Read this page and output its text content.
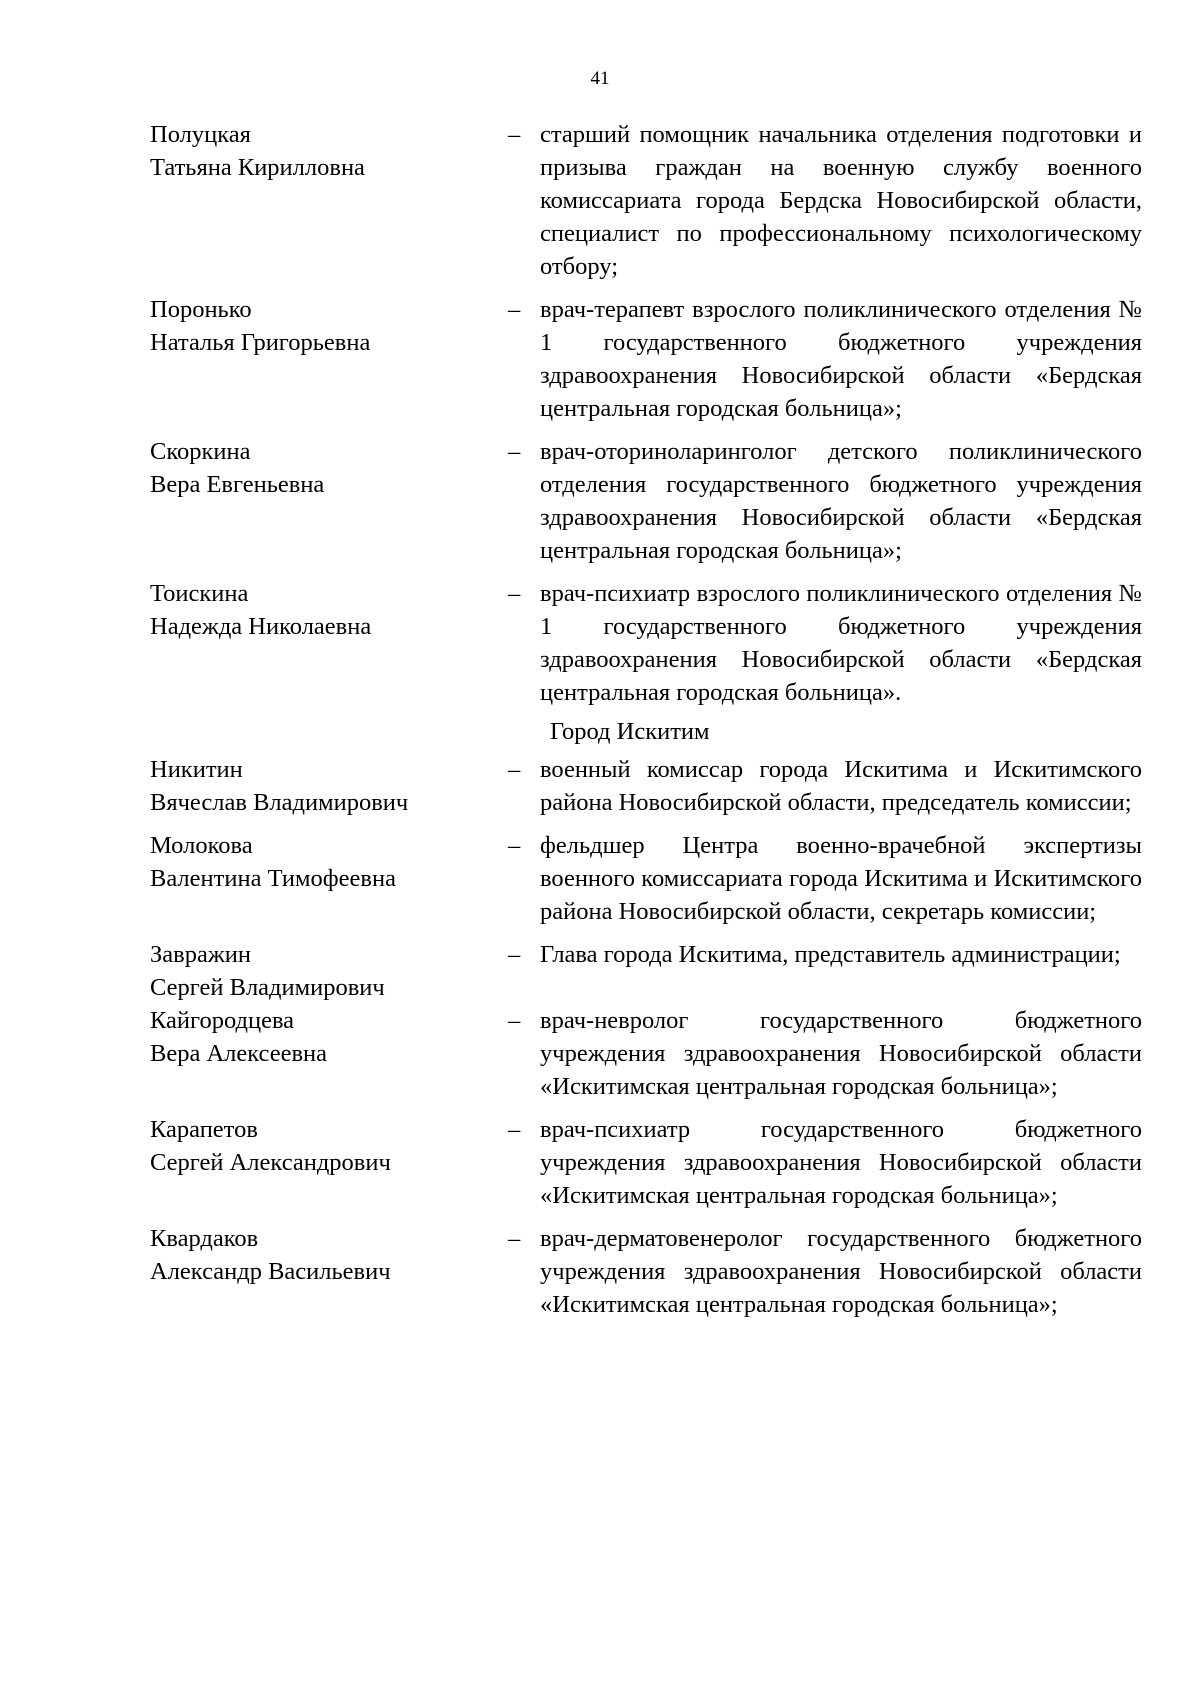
41
Полуцкая
Татьяна Кирилловна
– старший помощник начальника отделения подготовки и призыва граждан на военную службу военного комиссариата города Бердска Новосибирской области, специалист по профессиональному психологическому отбору;
Поронько
Наталья Григорьевна
– врач-терапевт взрослого поликлинического отделения № 1 государственного бюджетного учреждения здравоохранения Новосибирской области «Бердская центральная городская больница»;
Скоркина
Вера Евгеньевна
– врач-оториноларинголог детского поликлинического отделения государственного бюджетного учреждения здравоохранения Новосибирской области «Бердская центральная городская больница»;
Тоискина
Надежда Николаевна
– врач-психиатр взрослого поликлинического отделения № 1 государственного бюджетного учреждения здравоохранения Новосибирской области «Бердская центральная городская больница».
Город Искитим
Никитин
Вячеслав Владимирович
– военный комиссар города Искитима и Искитимского района Новосибирской области, председатель комиссии;
Молокова
Валентина Тимофеевна
– фельдшер Центра военно-врачебной экспертизы военного комиссариата города Искитима и Искитимского района Новосибирской области, секретарь комиссии;
Завражин
Сергей Владимирович
– Глава города Искитима, представитель администрации;
Кайгородцева
Вера Алексеевна
– врач-невролог государственного бюджетного учреждения здравоохранения Новосибирской области «Искитимская центральная городская больница»;
Карапетов
Сергей Александрович
– врач-психиатр государственного бюджетного учреждения здравоохранения Новосибирской области «Искитимская центральная городская больница»;
Квардаков
Александр Васильевич
– врач-дерматовенеролог государственного бюджетного учреждения здравоохранения Новосибирской области «Искитимская центральная городская больница»;
